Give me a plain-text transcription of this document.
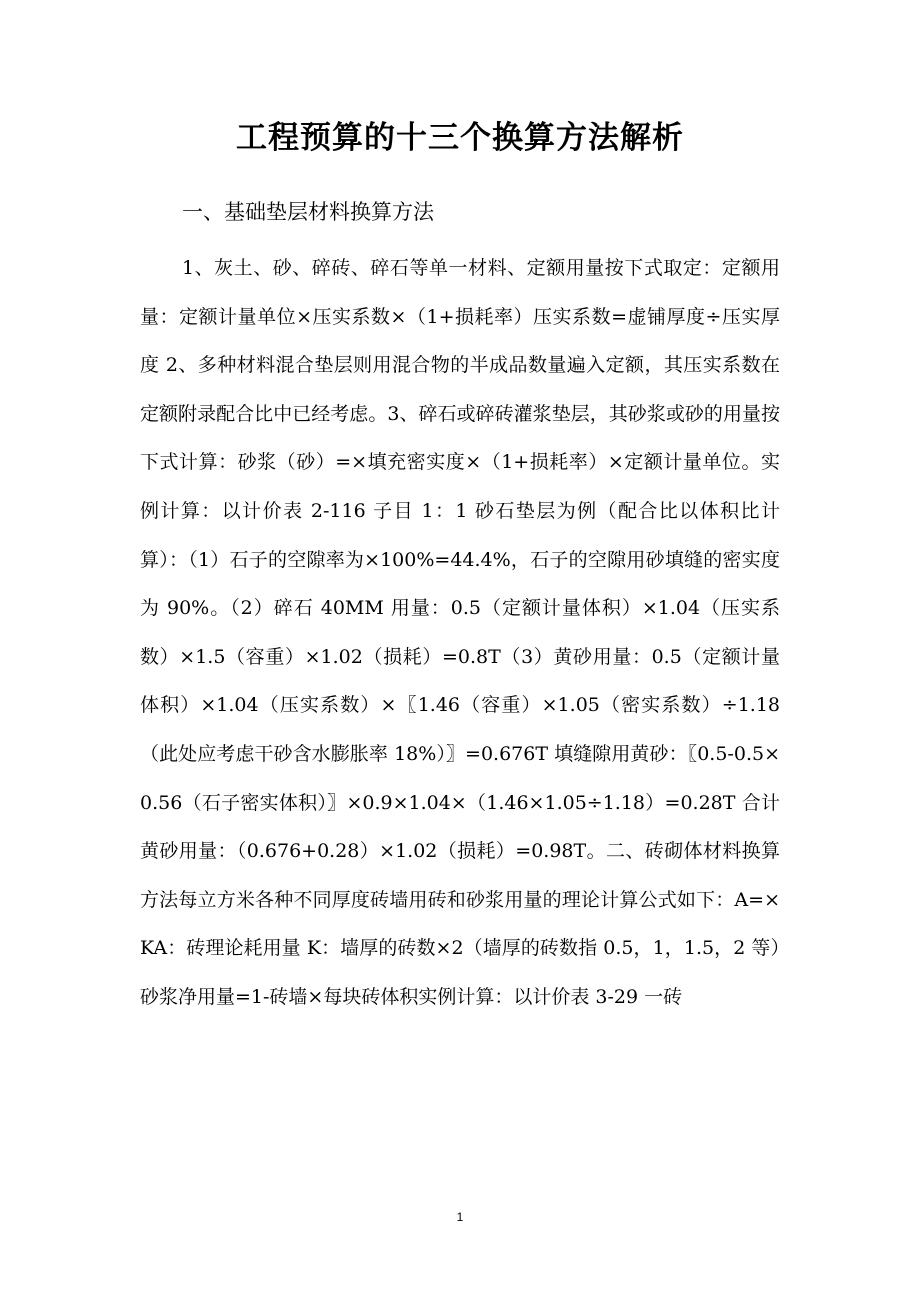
工程预算的十三个换算方法解析

一、基础垫层材料换算方法

1、灰土、砂、碎砖、碎石等单一材料、定额用量按下式取定：定额用量：定额计量单位×压实系数×（1+损耗率）压实系数=虚铺厚度÷压实厚度 2、多种材料混合垫层则用混合物的半成品数量遍入定额，其压实系数在定额附录配合比中已经考虑。3、碎石或碎砖灌浆垫层，其砂浆或砂的用量按下式计算：砂浆（砂）=×填充密实度×（1+损耗率）×定额计量单位。实例计算：以计价表 2-116 子目 1：1 砂石垫层为例（配合比以体积比计算）：（1）石子的空隙率为×100%=44.4%，石子的空隙用砂填缝的密实度为 90%。（2）碎石 40MM 用量：0.5（定额计量体积）×1.04（压实系数）×1.5（容重）×1.02（损耗）=0.8T（3）黄砂用量：0.5（定额计量体积）×1.04（压实系数）×〖1.46（容重）×1.05（密实系数）÷1.18（此处应考虑干砂含水膨胀率 18%）〗=0.676T 填缝隙用黄砂：〖0.5-0.5×0.56（石子密实体积）〗×0.9×1.04×（1.46×1.05÷1.18）=0.28T 合计黄砂用量：（0.676+0.28）×1.02（损耗）=0.98T。二、砖砌体材料换算方法每立方米各种不同厚度砖墙用砖和砂浆用量的理论计算公式如下：A=×KA：砖理论耗用量 K：墙厚的砖数×2（墙厚的砖数指 0.5，1，1.5，2 等）砂浆净用量=1-砖墙×每块砖体积实例计算：以计价表 3-29 一砖

1
